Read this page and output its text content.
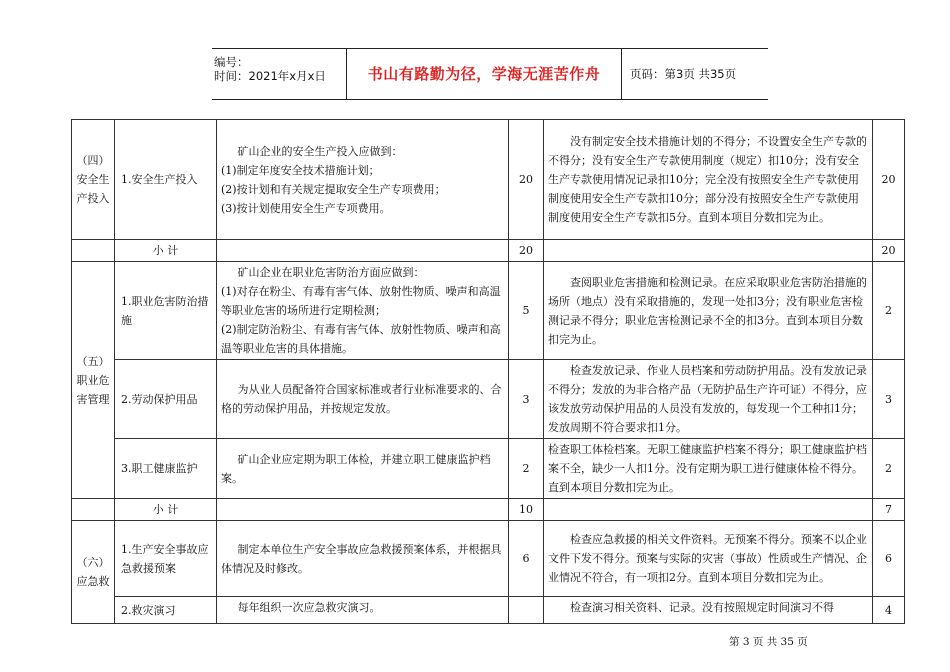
编号：
时间：2021年x月x日	书山有路勤为径，学海无涯苦作舟	页码：第3页 共35页
（四）安全生产投入	1.安全生产投入	矿山企业的安全生产投入应做到：
(1)制定年度安全技术措施计划；
(2)按计划和有关规定提取安全生产专项费用；
(3)按计划使用安全生产专项费用。	20	没有制定安全技术措施计划的不得分；不设置安全生产专款的不得分；没有安全生产专款使用制度（规定）扣10分；没有安全生产专款使用情况记录扣10分；完全没有按照安全生产专款使用制度使用安全生产专款扣10分；部分没有按照安全生产专款使用制度使用安全生产专款扣5分。直到本项目分数扣完为止。	20
	小 计		20		20
（五）职业危害管理	1.职业危害防治措施	矿山企业在职业危害防治方面应做到：
(1)对存在粉尘、有毒有害气体、放射性物质、噪声和高温等职业危害的场所进行定期检测；
(2)制定防治粉尘、有毒有害气体、放射性物质、噪声和高温等职业危害的具体措施。	5	查阅职业危害措施和检测记录。在应采取职业危害防治措施的场所（地点）没有采取措施的，发现一处扣3分；没有职业危害检测记录不得分；职业危害检测记录不全的扣3分。直到本项目分数扣完为止。	2
	2.劳动保护用品	为从业人员配备符合国家标准或者行业标准要求的、合格的劳动保护用品，并按规定发放。	3	检查发放记录、作业人员档案和劳动防护用品。没有发放记录不得分；发放的为非合格产品（无防护品生产许可证）不得分，应该发放劳动保护用品的人员没有发放的，每发现一个工种扣1分；发放周期不符合要求扣1分。	3
	3.职工健康监护	矿山企业应定期为职工体检，并建立职工健康监护档案。	2	检查职工体检档案。无职工健康监护档案不得分；职工健康监护档案不全，缺少一人扣1分。没有定期为职工进行健康体检不得分。直到本项目分数扣完为止。	2
	小 计		10		7
（六）应急救	1.生产安全事故应急救援预案	制定本单位生产安全事故应急救援预案体系，并根据具体情况及时修改。	6	检查应急救援的相关文件资料。无预案不得分。预案不以企业文件下发不得分。预案与实际的灾害（事故）性质或生产情况、企业情况不符合，有一项扣2分。直到本项目分数扣完为止。	6
	2.救灾演习	每年组织一次应急救灾演习。		检查演习相关资料、记录。没有按照规定时间演习不得	4
第 3 页 共 35 页
